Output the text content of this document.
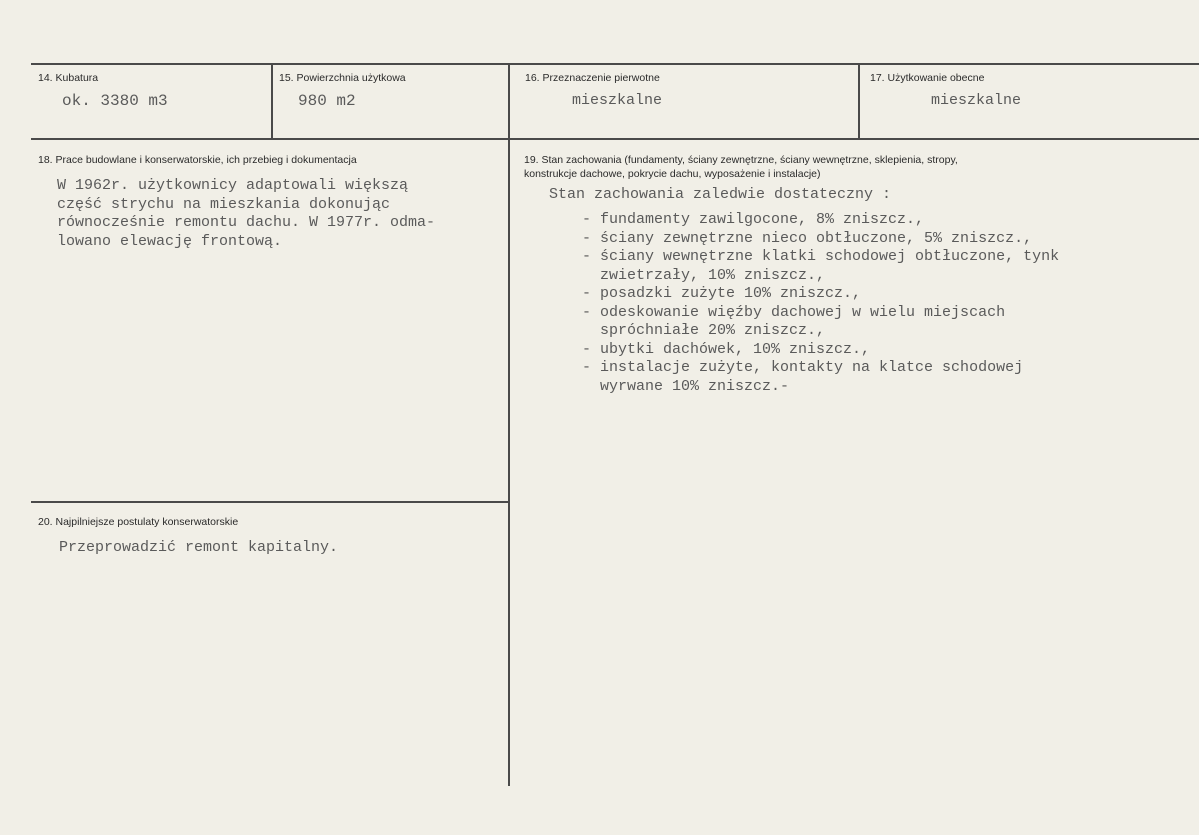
14. Kubatura
ok. 3380 m3
15. Powierzchnia użytkowa
980 m2
16. Przeznaczenie pierwotne
mieszkalne
17. Użytkowanie obecne
mieszkalne
18. Prace budowlane i konserwatorskie, ich przebieg i dokumentacja
W 1962r. użytkownicy adaptowali większą
część strychu na mieszkania dokonując
równocześnie remontu dachu. W 1977r. odma-
lowano elewację frontową.
19. Stan zachowania (fundamenty, ściany zewnętrzne, ściany wewnętrzne, sklepienia, stropy,
konstrukcje dachowe, pokrycie dachu, wyposażenie i instalacje)
Stan zachowania zaledwie dostateczny :
- fundamenty zawilgocone, 8% zniszcz.,
- ściany zewnętrzne nieco obtłuczone, 5% zniszcz.,
- ściany wewnętrzne klatki schodowej obtłuczone, tynk
zwietrzały, 10% zniszcz.,
- posadzki zużyte 10% zniszcz.,
- odeskowanie więźby dachowej w wielu miejscach
spróchniałe 20% zniszcz.,
- ubytki dachówek, 10% zniszcz.,
- instalacje zużyte, kontakty na klatce schodowej
wyrwane 10% zniszcz.-
20. Najpilniejsze postulaty konserwatorskie
Przeprowadzić remont kapitalny.
